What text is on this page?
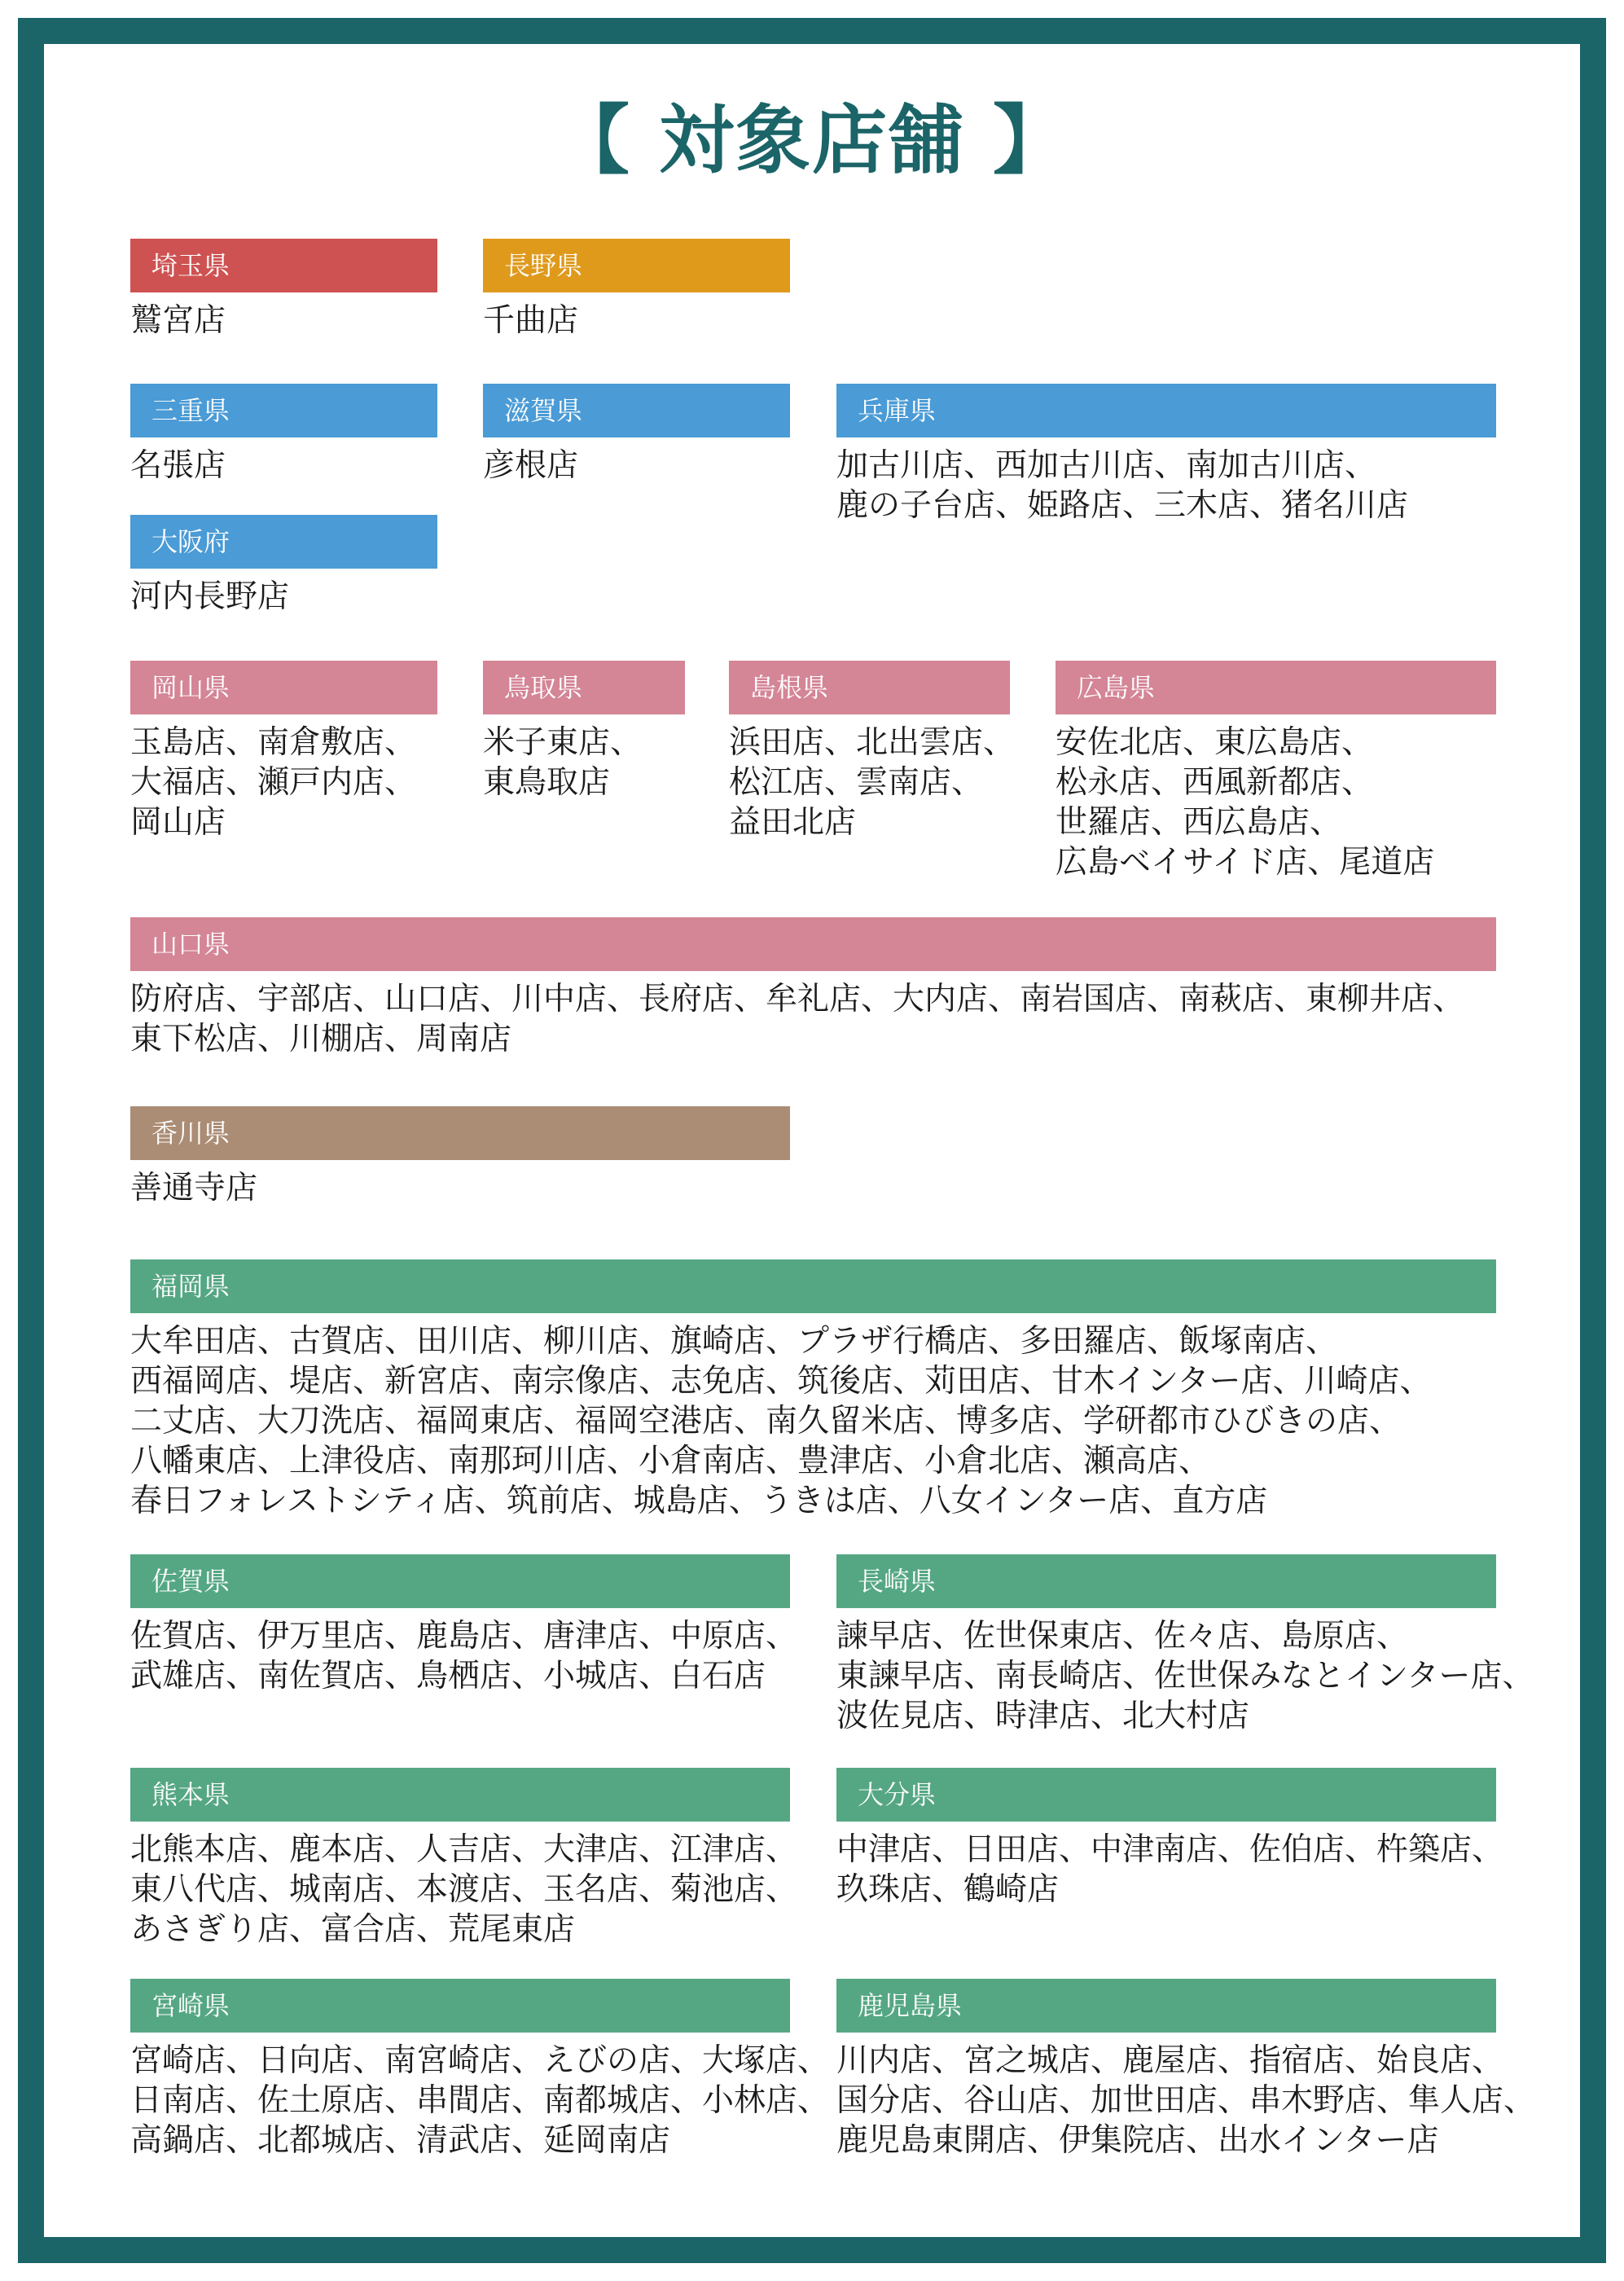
【 対象店舗 】
埼玉県
鷲宮店
長野県
千曲店
三重県
名張店
滋賀県
彦根店
兵庫県
加古川店、西加古川店、南加古川店、
鹿の子台店、姫路店、三木店、猪名川店
大阪府
河内長野店
岡山県
玉島店、南倉敷店、
大福店、瀬戸内店、
岡山店
鳥取県
米子東店、
東鳥取店
島根県
浜田店、北出雲店、
松江店、雲南店、
益田北店
広島県
安佐北店、東広島店、
松永店、西風新都店、
世羅店、西広島店、
広島ベイサイド店、尾道店
山口県
防府店、宇部店、山口店、川中店、長府店、牟礼店、大内店、南岩国店、南萩店、東柳井店、
東下松店、川棚店、周南店
香川県
善通寺店
福岡県
大牟田店、古賀店、田川店、柳川店、旗崎店、プラザ行橋店、多田羅店、飯塚南店、
西福岡店、堤店、新宮店、南宗像店、志免店、筑後店、苅田店、甘木インター店、川崎店、
二丈店、大刀洗店、福岡東店、福岡空港店、南久留米店、博多店、学研都市ひびきの店、
八幡東店、上津役店、南那珂川店、小倉南店、豊津店、小倉北店、瀬高店、
春日フォレストシティ店、筑前店、城島店、うきは店、八女インター店、直方店
佐賀県
佐賀店、伊万里店、鹿島店、唐津店、中原店、
武雄店、南佐賀店、鳥栖店、小城店、白石店
長崎県
諫早店、佐世保東店、佐々店、島原店、
東諫早店、南長崎店、佐世保みなとインター店、
波佐見店、時津店、北大村店
熊本県
北熊本店、鹿本店、人吉店、大津店、江津店、
東八代店、城南店、本渡店、玉名店、菊池店、
あさぎり店、富合店、荒尾東店
大分県
中津店、日田店、中津南店、佐伯店、杵築店、
玖珠店、鶴崎店
宮崎県
宮崎店、日向店、南宮崎店、えびの店、大塚店、
日南店、佐土原店、串間店、南都城店、小林店、
高鍋店、北都城店、清武店、延岡南店
鹿児島県
川内店、宮之城店、鹿屋店、指宿店、始良店、
国分店、谷山店、加世田店、串木野店、隼人店、
鹿児島東開店、伊集院店、出水インター店
